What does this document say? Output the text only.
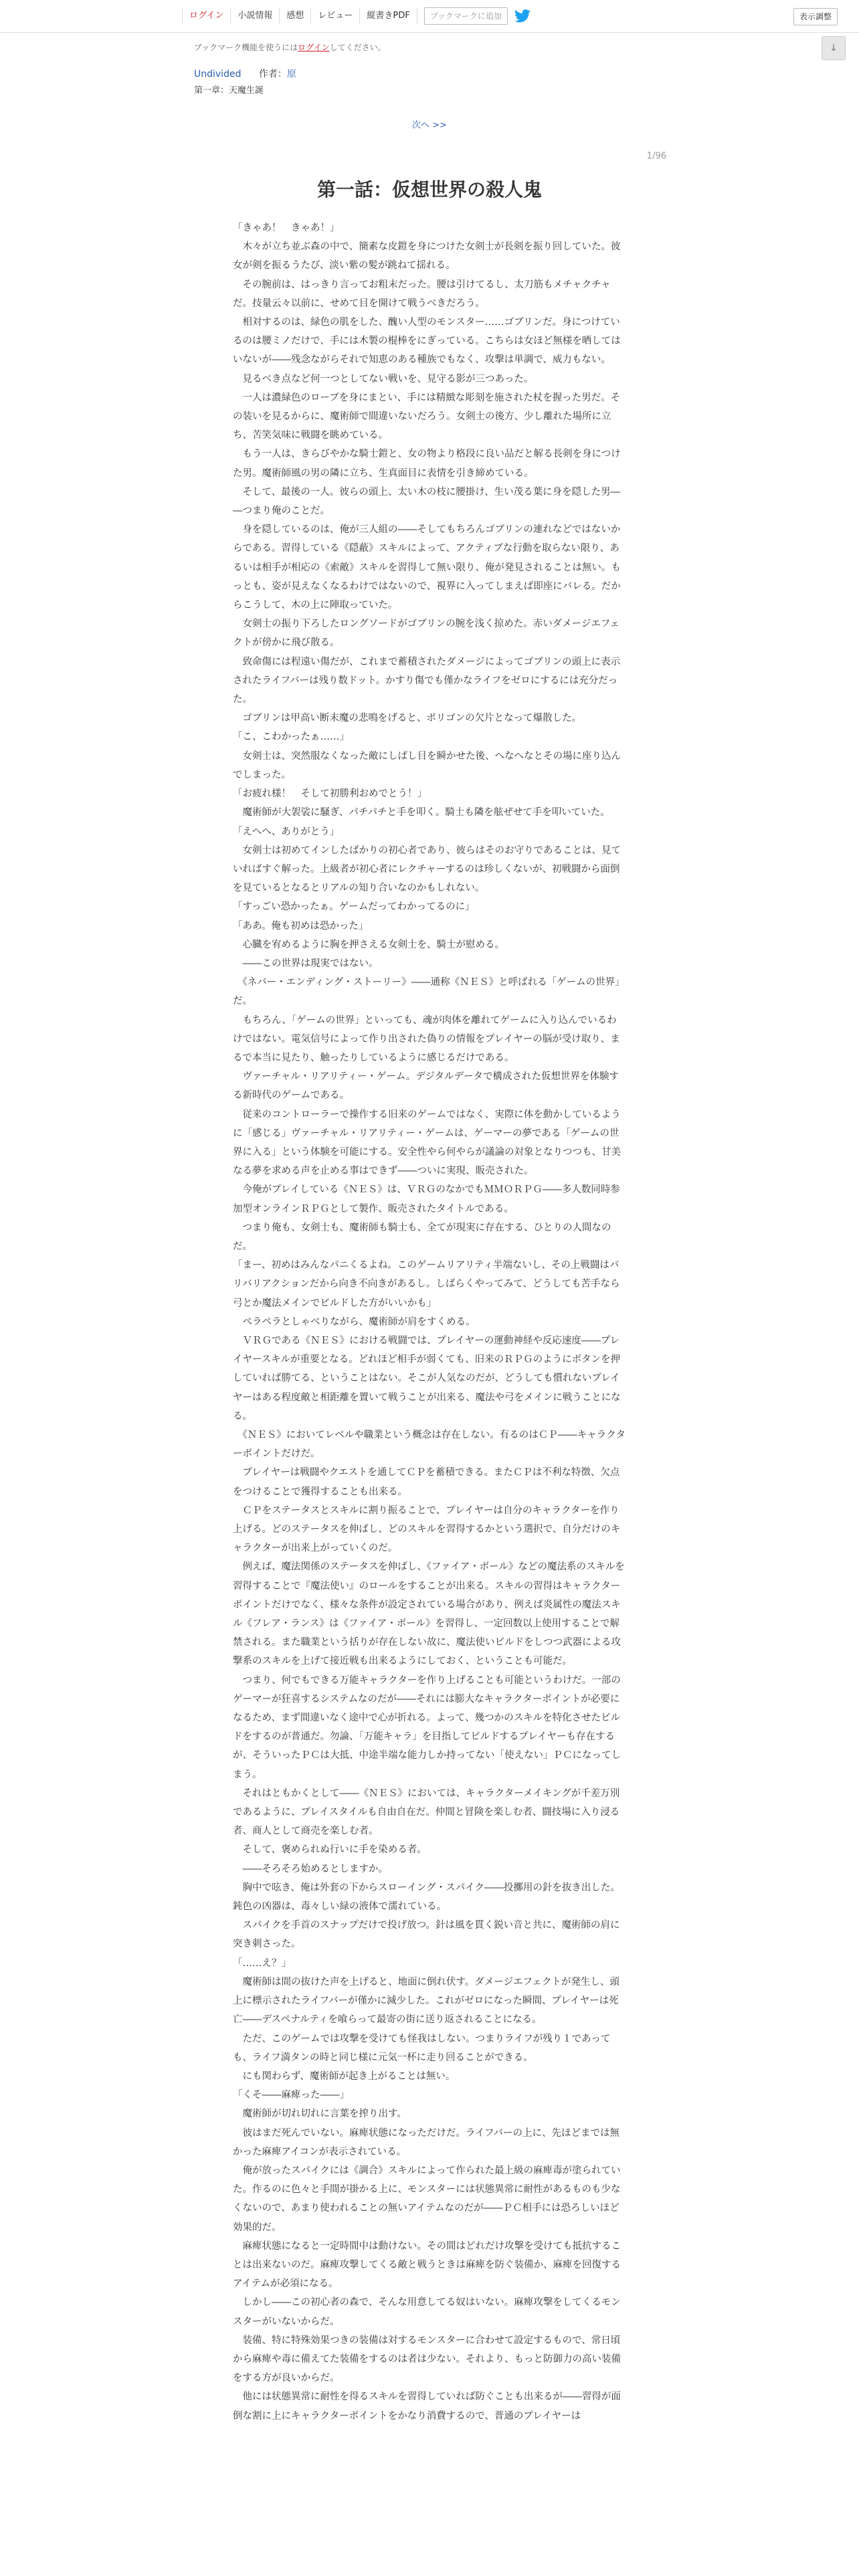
ログイン	小説情報	感想	レビュー	縦書きPDF	ブックマークに追加	表示調整
ブックマーク機能を使うにはログインしてください。	↓
Undivided 作者：原
第一章：天魔生誕
次へ >>
1/96
第一話：仮想世界の殺人鬼

「きゃあ！　きゃあ！」

　木々が立ち並ぶ森の中で、簡素な皮鎧を身につけた女剣士が長剣を振り回していた。彼女が剣を振るうたび、淡い紫の髪が跳ねて揺れる。

　その腕前は、はっきり言ってお粗末だった。腰は引けてるし、太刀筋もメチャクチャだ。技量云々以前に、せめて目を開けて戦うべきだろう。

　相対するのは、緑色の肌をした、醜い人型のモンスター……ゴブリンだ。身につけているのは腰ミノだけで、手には木製の棍棒をにぎっている。こちらは女ほど無様を晒してはいないが――残念ながらそれで知恵のある種族でもなく、攻撃は単調で、威力もない。

　見るべき点など何一つとしてない戦いを、見守る影が三つあった。

　一人は濃緑色のローブを身にまとい、手には精緻な彫刻を施された杖を握った男だ。その装いを見るからに、魔術師で間違いないだろう。女剣士の後方、少し離れた場所に立ち、苦笑気味に戦闘を眺めている。

　もう一人は、きらびやかな騎士鎧と、女の物より格段に良い品だと解る長剣を身につけた男。魔術師風の男の隣に立ち、生真面目に表情を引き締めている。

　そして、最後の一人。彼らの頭上、太い木の枝に腰掛け、生い茂る葉に身を隠した男――つまり俺のことだ。

　身を隠しているのは、俺が三人組の――そしてもちろんゴブリンの連れなどではないからである。習得している《隠蔽》スキルによって、アクティブな行動を取らない限り、あるいは相手が相応の《索敵》スキルを習得して無い限り、俺が発見されることは無い。もっとも、姿が見えなくなるわけではないので、視界に入ってしまえば即座にバレる。だからこうして、木の上に陣取っていた。

　女剣士の振り下ろしたロングソードがゴブリンの腕を浅く掠めた。赤いダメージエフェクトが傍かに飛び散る。

　致命傷には程遠い傷だが、これまで蓄積されたダメージによってゴブリンの頭上に表示されたライフバーは残り数ドット。かすり傷でも僅かなライフをゼロにするには充分だった。

　ゴブリンは甲高い断末魔の悲鳴をげると、ポリゴンの欠片となって爆散した。

「こ、こわかったぁ……」

　女剣士は、突然服なくなった敵にしばし目を瞬かせた後、へなへなとその場に座り込んでしまった。

「お疲れ様！　そして初勝利おめでとう！」

　魔術師が大袈裟に騒ぎ、パチパチと手を叩く。騎士も隣を舷ぜせて手を叩いていた。

「えへへ、ありがとう」

　女剣士は初めてインしたばかりの初心者であり、彼らはそのお守りであることは、見ていればすぐ解った。上級者が初心者にレクチャーするのは珍しくないが、初戦闘から面倒を見ているとなるとリアルの知り合いなのかもしれない。

「すっごい恐かったぁ。ゲームだってわかってるのに」

「ああ。俺も初めは恐かった」

　心臓を宥めるように胸を押さえる女剣士を、騎士が慰める。

　――この世界は現実ではない。

　《ネバー・エンディング・ストーリー》――通称《ＮＥＳ》と呼ばれる「ゲームの世界」だ。

　もちろん、「ゲームの世界」といっても、魂が肉体を離れてゲームに入り込んでいるわけではない。電気信号によって作り出された偽りの情報をプレイヤーの脳が受け取り、まるで本当に見たり、触ったりしているように感じるだけである。

　ヴァーチャル・リアリティー・ゲーム。デジタルデータで構成された仮想世界を体験する新時代のゲームである。

　従来のコントローラーで操作する旧来のゲームではなく、実際に体を動かしているように「感じる」ヴァーチャル・リアリティー・ゲームは、ゲーマーの夢である「ゲームの世界に入る」という体験を可能にする。安全性やら何やらが議論の対象となりつつも、甘美なる夢を求める声を止める事はできず――ついに実現、販売された。

　今俺がプレイしている《ＮＥＳ》は、ＶＲＧのなかでもＭＭＯＲＰＧ――多人数同時参加型オンラインＲＰＧとして製作、販売されたタイトルである。

　つまり俺も、女剣士も、魔術師も騎士も、全てが現実に存在する、ひとりの人間なのだ。

「まー、初めはみんなパニくるよね。このゲームリアリティ半端ないし、その上戦闘はバリバリアクションだから向き不向きがあるし。しばらくやってみて、どうしても苦手なら弓とか魔法メインでビルドした方がいいかも」

　ぺラペラとしゃべりながら、魔術師が肩をすくめる。

　ＶＲＧである《ＮＥＳ》における戦闘では、プレイヤーの運動神経や反応速度――プレイヤースキルが重要となる。どれほど相手が弱くても、旧来のＲＰＧのようにボタンを押していれば勝てる、ということはない。そこが人気なのだが、どうしても慣れないプレイヤーはある程度敵と相距離を置いて戦うことが出来る、魔法や弓をメインに戦うことになる。

　《ＮＥＳ》においてレベルや職業という概念は存在しない。有るのはＣＰ――キャラクターポイントだけだ。

　プレイヤーは戦闘やクエストを通してＣＰを蓄積できる。またＣＰは不利な特徴、欠点をつけることで獲得することも出来る。

　ＣＰをステータスとスキルに割り振ることで、プレイヤーは自分のキャラクターを作り上げる。どのステータスを伸ばし、どのスキルを習得するかという選択で、自分だけのキャラクターが出来上がっていくのだ。

　例えば、魔法関係のステータスを伸ばし、《ファイア・ボール》などの魔法系のスキルを習得することで『魔法使い』のロールをすることが出来る。スキルの習得はキャラクターポイントだけでなく、様々な条件が設定されている場合があり、例えば炎属性の魔法スキル《フレア・ランス》は《ファイア・ボール》を習得し、一定回数以上使用することで解禁される。また職業という括りが存在しない故に、魔法使いビルドをしつつ武器による攻撃系のスキルを上げて接近戦も出来るようにしておく、ということも可能だ。

　つまり、何でもできる万能キャラクターを作り上げることも可能というわけだ。一部のゲーマーが狂喜するシステムなのだが――それには膨大なキャラクターポイントが必要になるため、まず間違いなく途中で心が折れる。よって、幾つかのスキルを特化させたビルドをするのが普通だ。勿論、「万能キャラ」を目指してビルドするプレイヤーも存在するが、そういったＰＣは大抵、中途半端な能力しか持ってない「使えない」ＰＣになってしまう。

　それはともかくとして――《ＮＥＳ》においては、キャラクターメイキングが千差万別であるように、プレイスタイルも自由自在だ。仲間と冒険を楽しむ者、闘技場に入り浸る者、商人として商売を楽しむ者。

　そして、褒められぬ行いに手を染める者。

　――そろそろ始めるとしますか。

　胸中で呟き、俺は外套の下からスローイング・スパイク――投擲用の針を抜き出した。鈍色の凶器は、毒々しい緑の液体で濡れている。

　スパイクを手首のスナップだけで投げ放つ。針は風を貫く鋭い音と共に、魔術師の肩に突き刺さった。

「……え？」

　魔術師は間の抜けた声を上げると、地面に倒れ伏す。ダメージエフェクトが発生し、頭上に標示されたライフバーが僅かに減少した。これがゼロになった瞬間、プレイヤーは死亡――デスペナルティを喰らって最寄の街に送り返されることになる。

　ただ、このゲームでは攻撃を受けても怪我はしない。つまりライフが残り１であっても、ライフ満タンの時と同じ様に元気一杯に走り回ることができる。

　にも関わらず、魔術師が起き上がることは無い。

「くそ――麻痺った――」

　魔術師が切れ切れに言葉を搾り出す。

　彼はまだ死んでいない。麻痺状態になっただけだ。ライフバーの上に、先ほどまでは無かった麻痺アイコンが表示されている。

　俺が放ったスパイクには《調合》スキルによって作られた最上級の麻痺毒が塗られていた。作るのに色々と手間が掛かる上に、モンスターには状態異常に耐性があるものも少なくないので、あまり使われることの無いアイテムなのだが――ＰＣ相手には恐ろしいほど効果的だ。

　麻痺状態になると一定時間中は動けない。その間はどれだけ攻撃を受けても抵抗することは出来ないのだ。麻痺攻撃してくる敵と戦うときは麻痺を防ぐ装備か、麻痺を回復するアイテムが必須になる。

　しかし――この初心者の森で、そんな用意してる奴はいない。麻痺攻撃をしてくるモンスターがいないからだ。

　装備、特に特殊効果つきの装備は対するモンスターに合わせて設定するもので、常日頃から麻痺や毒に備えてた装備をするのは者は少ない。それより、もっと防御力の高い装備をする方が良いからだ。

　他には状態異常に耐性を得るスキルを習得していれば防ぐことも出来るが――習得が面倒な割に上にキャラクターポイントをかなり消費するので、普通のプレイヤーは
